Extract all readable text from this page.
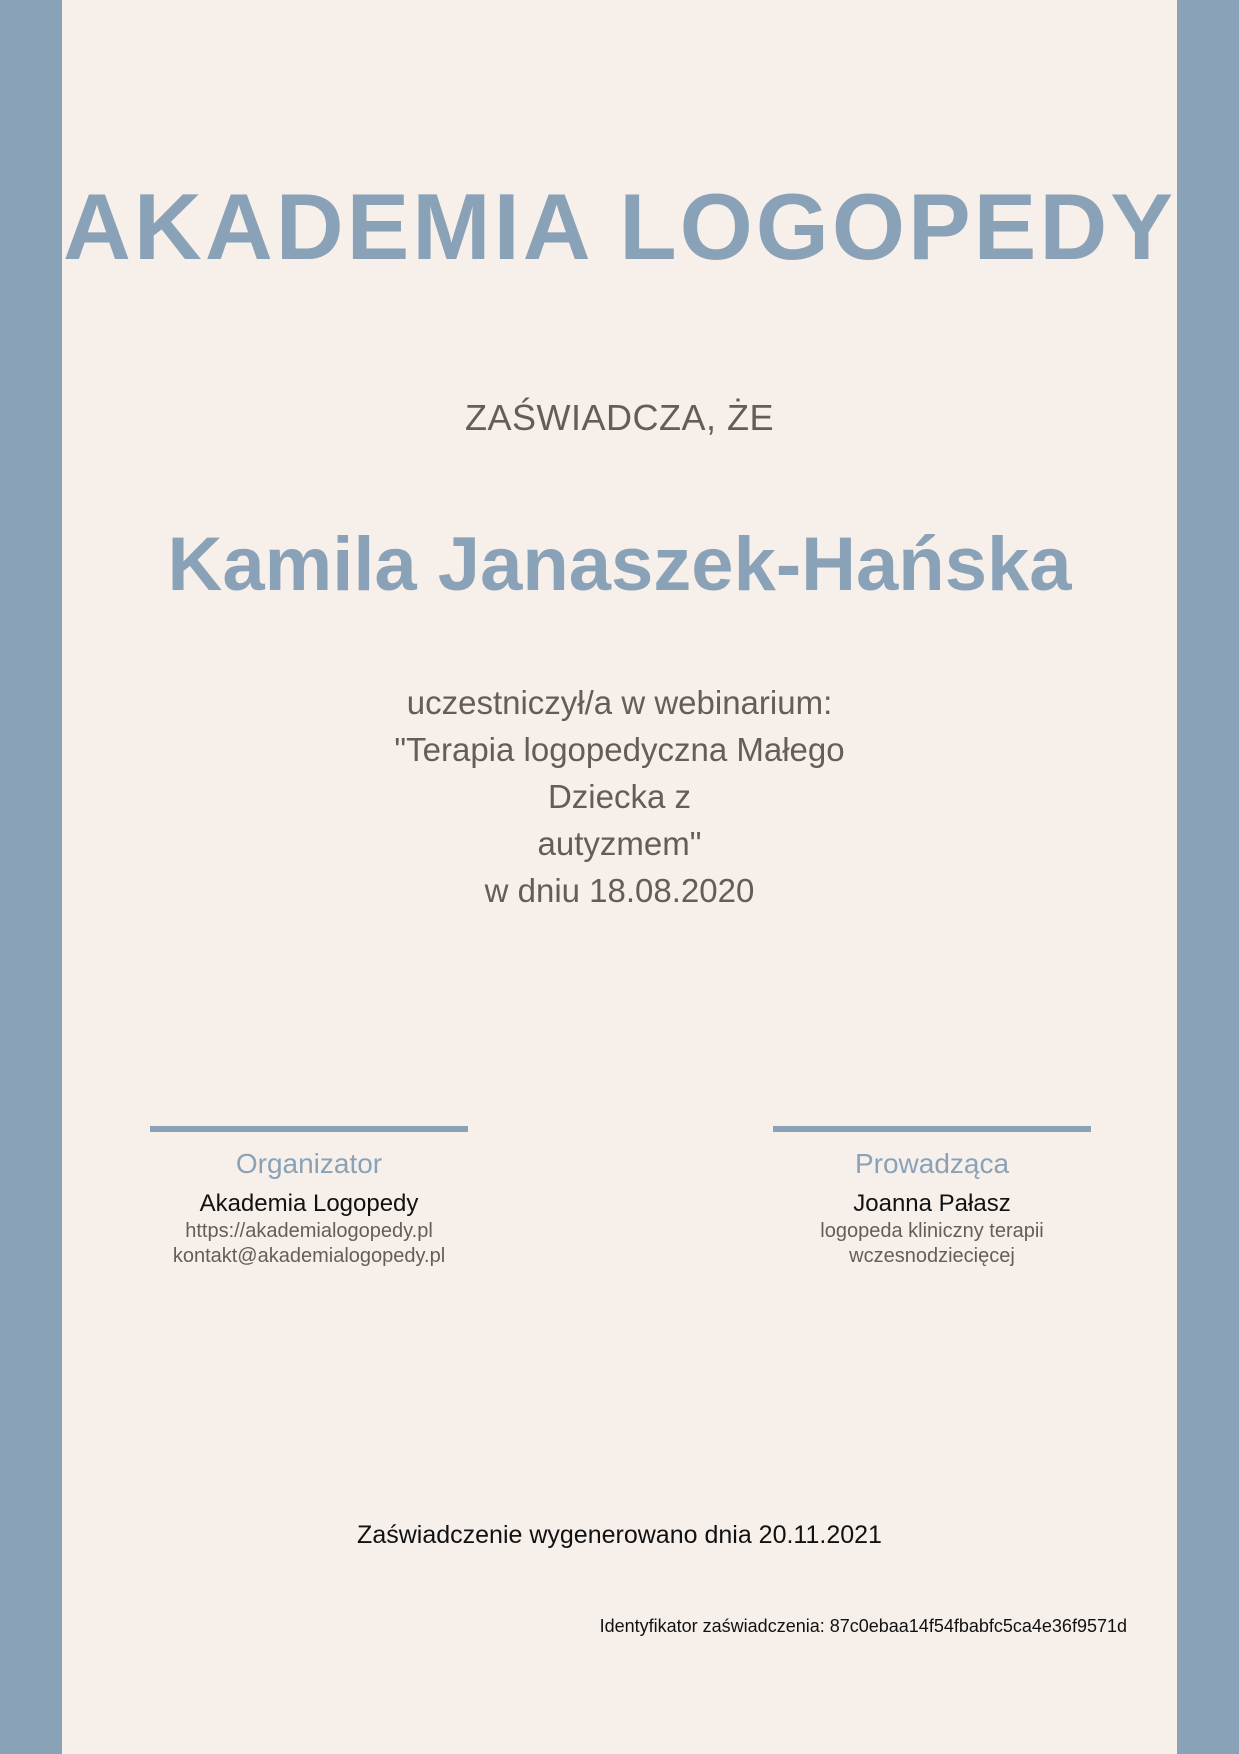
AKADEMIA LOGOPEDY
ZAŚWIADCZA, ŻE
Kamila Janaszek-Hańska
uczestniczył/a w webinarium:
"Terapia logopedyczna Małego Dziecka z
autyzmem"
w dniu 18.08.2020
Organizator
Akademia Logopedy
https://akademialogopedy.pl
kontakt@akademialogopedy.pl
Prowadząca
Joanna Pałasz
logopeda kliniczny terapii
wczesnodziecięcej
Zaświadczenie wygenerowano dnia 20.11.2021
Identyfikator zaświadczenia: 87c0ebaa14f54fbabfc5ca4e36f9571d
